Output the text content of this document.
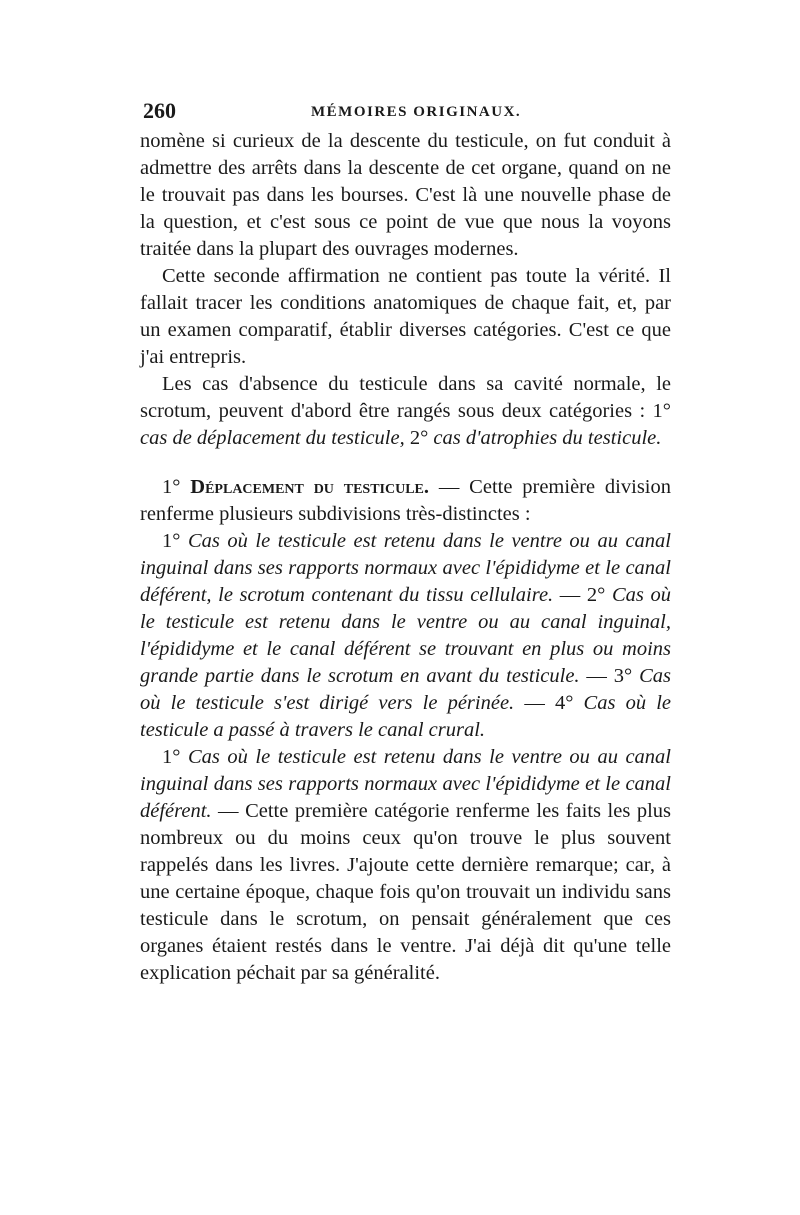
260	MÉMOIRES ORIGINAUX.

nomène si curieux de la descente du testicule, on fut conduit à admettre des arrêts dans la descente de cet organe, quand on ne le trouvait pas dans les bourses. C'est là une nouvelle phase de la question, et c'est sous ce point de vue que nous la voyons traitée dans la plupart des ouvrages modernes.

Cette seconde affirmation ne contient pas toute la vérité. Il fallait tracer les conditions anatomiques de chaque fait, et, par un examen comparatif, établir diverses catégories. C'est ce que j'ai entrepris.

Les cas d'absence du testicule dans sa cavité normale, le scrotum, peuvent d'abord être rangés sous deux catégories : 1° cas de déplacement du testicule, 2° cas d'atrophies du testicule.

1° Déplacement du testicule. — Cette première division renferme plusieurs subdivisions très-distinctes :

1° Cas où le testicule est retenu dans le ventre ou au canal inguinal dans ses rapports normaux avec l'épididyme et le canal déférent, le scrotum contenant du tissu cellulaire. — 2° Cas où le testicule est retenu dans le ventre ou au canal inguinal, l'épididyme et le canal déférent se trouvant en plus ou moins grande partie dans le scrotum en avant du testicule. — 3° Cas où le testicule s'est dirigé vers le périnée. — 4° Cas où le testicule a passé à travers le canal crural.

1° Cas où le testicule est retenu dans le ventre ou au canal inguinal dans ses rapports normaux avec l'épididyme et le canal déférent. — Cette première catégorie renferme les faits les plus nombreux ou du moins ceux qu'on trouve le plus souvent rappelés dans les livres. J'ajoute cette dernière remarque; car, à une certaine époque, chaque fois qu'on trouvait un individu sans testicule dans le scrotum, on pensait généralement que ces organes étaient restés dans le ventre. J'ai déjà dit qu'une telle explication péchait par sa généralité.
